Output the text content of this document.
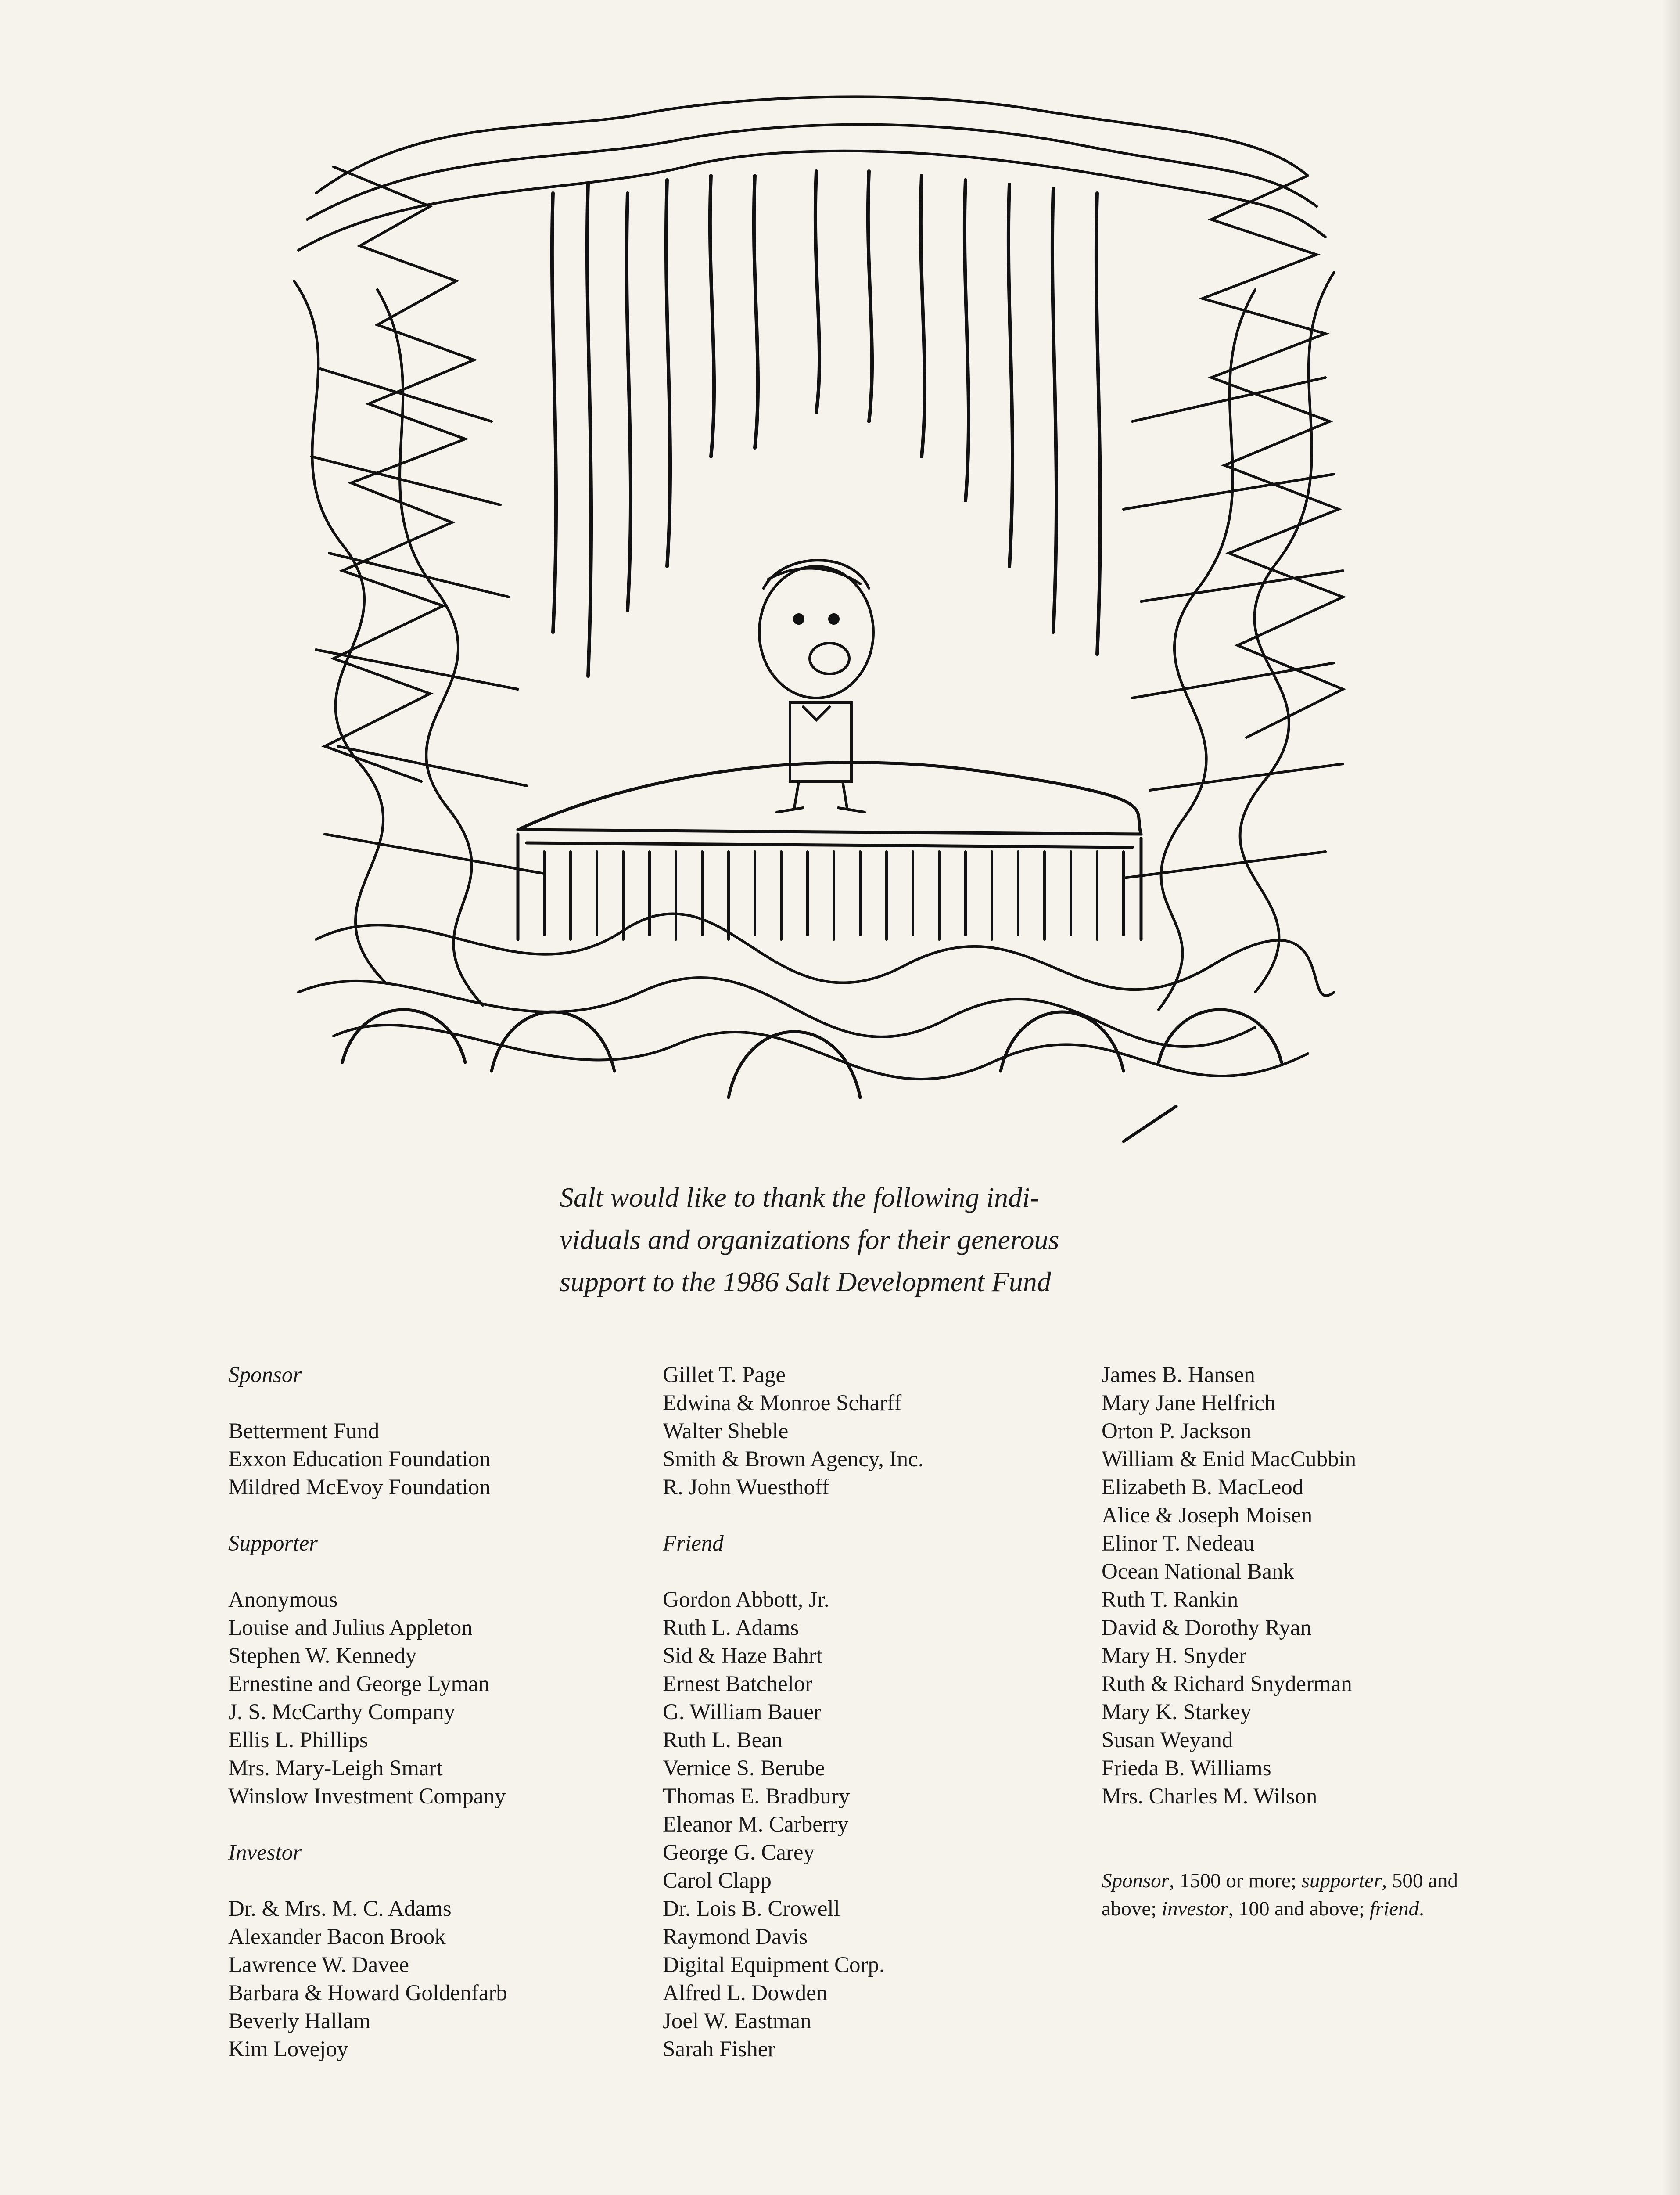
Salt would like to thank the following indi-
viduals and organizations for their generous
support to the 1986 Salt Development Fund
Sponsor
Betterment Fund
Exxon Education Foundation
Mildred McEvoy Foundation
Supporter
Anonymous
Louise and Julius Appleton
Stephen W. Kennedy
Ernestine and George Lyman
J. S. McCarthy Company
Ellis L. Phillips
Mrs. Mary-Leigh Smart
Winslow Investment Company
Investor
Dr. & Mrs. M. C. Adams
Alexander Bacon Brook
Lawrence W. Davee
Barbara & Howard Goldenfarb
Beverly Hallam
Kim Lovejoy
Gillet T. Page
Edwina & Monroe Scharff
Walter Sheble
Smith & Brown Agency, Inc.
R. John Wuesthoff
Friend
Gordon Abbott, Jr.
Ruth L. Adams
Sid & Haze Bahrt
Ernest Batchelor
G. William Bauer
Ruth L. Bean
Vernice S. Berube
Thomas E. Bradbury
Eleanor M. Carberry
George G. Carey
Carol Clapp
Dr. Lois B. Crowell
Raymond Davis
Digital Equipment Corp.
Alfred L. Dowden
Joel W. Eastman
Sarah Fisher
James B. Hansen
Mary Jane Helfrich
Orton P. Jackson
William & Enid MacCubbin
Elizabeth B. MacLeod
Alice & Joseph Moisen
Elinor T. Nedeau
Ocean National Bank
Ruth T. Rankin
David & Dorothy Ryan
Mary H. Snyder
Ruth & Richard Snyderman
Mary K. Starkey
Susan Weyand
Frieda B. Williams
Mrs. Charles M. Wilson
Sponsor, 1500 or more; supporter, 500 and above; investor, 100 and above; friend.
